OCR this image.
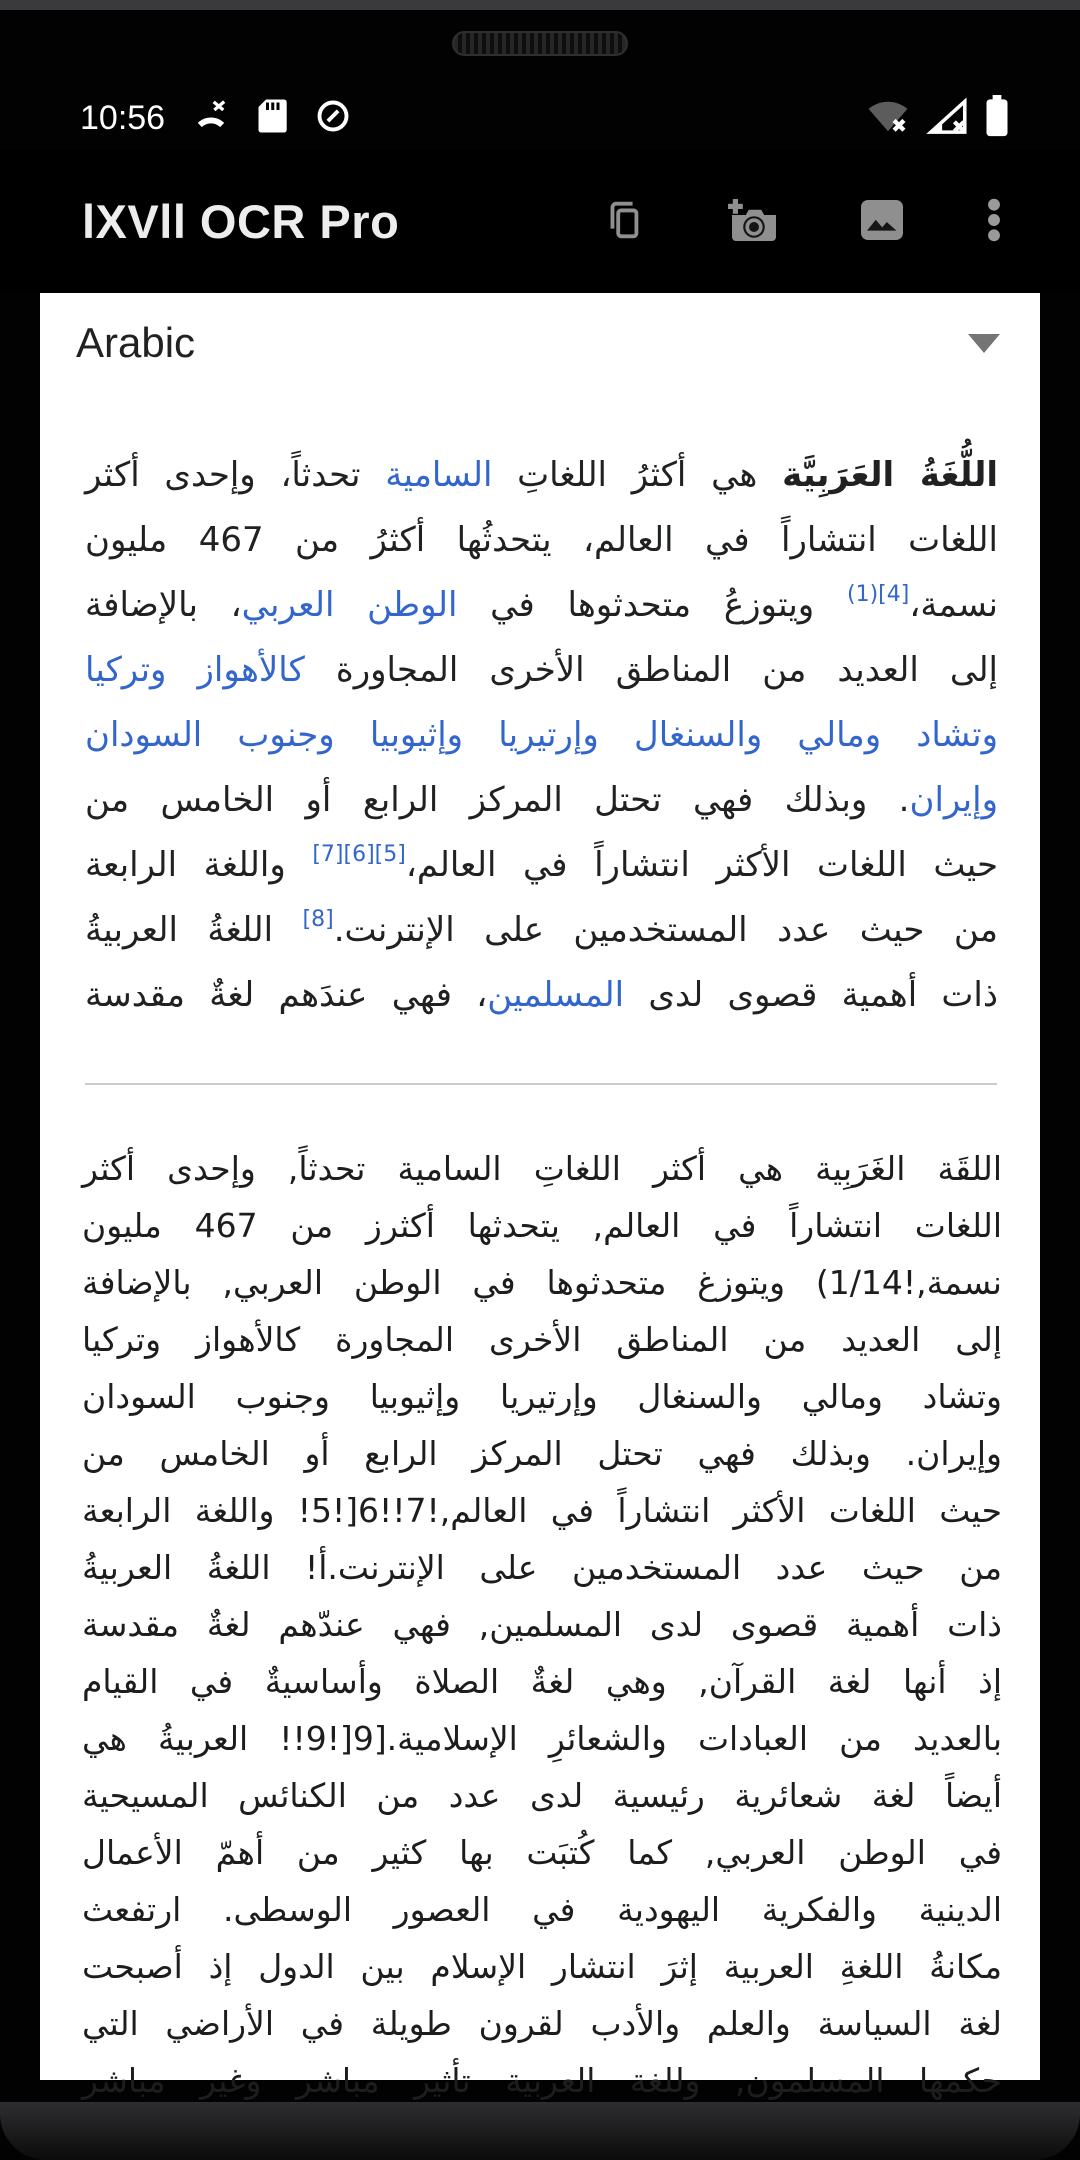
10:56
lXVll OCR Pro
Arabic
اللُّغَةُ العَرَبِيَّة هي أكثرُ اللغاتِ السامية تحدثاً، وإحدى أكثر
اللغات انتشاراً في العالم، يتحدثُها أكثرُ من 467 مليون
نسمة،$^{[4](1)}$ ويتوزعُ متحدثوها في الوطن العربي، بالإضافة
إلى العديد من المناطق الأخرى المجاورة كالأهواز وتركيا
وتشاد ومالي والسنغال وإرتيريا وإثيوبيا وجنوب السودان
وإيران. وبذلك فهي تحتل المركز الرابع أو الخامس من
حيث اللغات الأكثر انتشاراً في العالم،[5][6][7] واللغة الرابعة
من حيث عدد المستخدمين على الإنترنت.[8] اللغةُ العربيةُ
ذات أهمية قصوى لدى المسلمين، فهي عندَهم لغةٌ مقدسة
اللقَة الغَرَبِية هي أكثر اللغاتِ السامية تحدثاً, وإحدى أكثر
اللغات انتشاراً في العالم, يتحدثها أكثرز من 467 مليون
نسمة,!1/14) ويتوزغ متحدثوها في الوطن العربي, بالإضافة
إلى العديد من المناطق الأخرى المجاورة كالأهواز وتركيا
وتشاد ومالي والسنغال وإرتيريا وإثيوبيا وجنوب السودان
وإيران. وبذلك فهي تحتل المركز الرابع أو الخامس من
حيث اللغات الأكثر انتشاراً في العالم,!7!!6[!5! واللغة الرابعة
من حيث عدد المستخدمين على الإنترنت.أ! اللغةُ العربيةُ
ذات أهمية قصوى لدى المسلمين, فهي عندّهم لغةٌ مقدسة
إذ أنها لغة القرآن, وهي لغةٌ الصلاة وأساسيةٌ في القيام
بالعديد من العبادات والشعائرِ الإسلامية.[9[!9!! العربيةُ هي
أيضاً لغة شعائرية رئيسية لدى عدد من الكنائس المسيحية
في الوطن العربي, كما كُتبَت بها كثير من أهمّ الأعمال
الدينية والفكرية اليهودية في العصور الوسطى. ارتفعث
مكانةُ اللغةِ العربية إثرَ انتشار الإسلام بين الدول إذ أصبحت
لغة السياسة والعلم والأدب لقرون طويلة في الأراضي التي
حكمها المسلمون, وللغة العربية تأثير مباشر وغير مباشر
